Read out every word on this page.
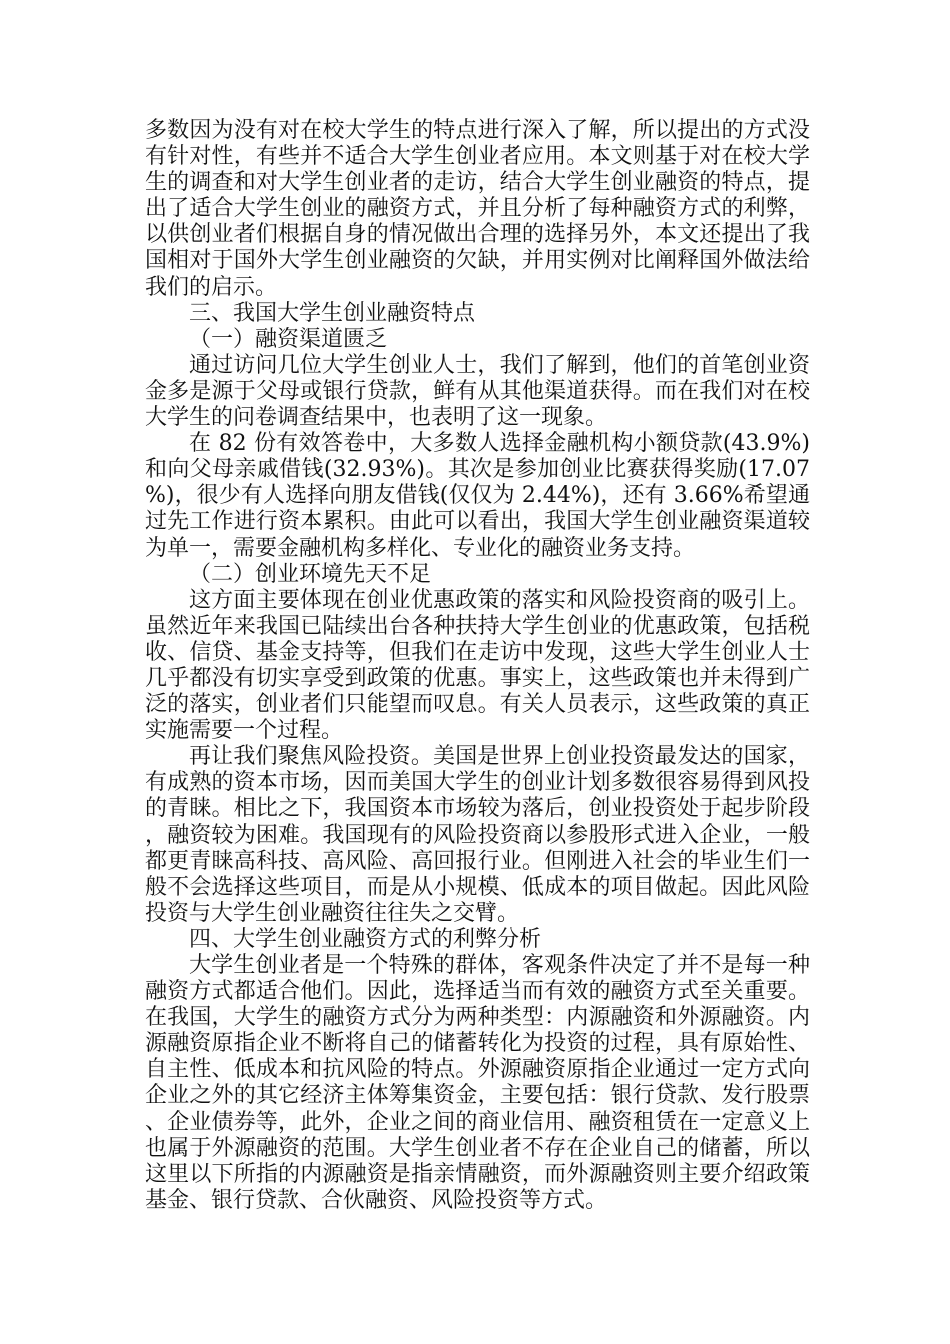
多数因为没有对在校大学生的特点进行深入了解，所以提出的方式没有针对性，有些并不适合大学生创业者应用。本文则基于对在校大学生的调查和对大学生创业者的走访，结合大学生创业融资的特点，提出了适合大学生创业的融资方式，并且分析了每种融资方式的利弊，以供创业者们根据自身的情况做出合理的选择另外，本文还提出了我国相对于国外大学生创业融资的欠缺，并用实例对比阐释国外做法给我们的启示。

三、我国大学生创业融资特点
（一）融资渠道匮乏

通过访问几位大学生创业人士，我们了解到，他们的首笔创业资金多是源于父母或银行贷款，鲜有从其他渠道获得。而在我们对在校大学生的问卷调查结果中，也表明了这一现象。

在 82 份有效答卷中，大多数人选择金融机构小额贷款(43.9%)和向父母亲戚借钱(32.93%)。其次是参加创业比赛获得奖励(17.07%)，很少有人选择向朋友借钱(仅仅为 2.44%)，还有 3.66%希望通过先工作进行资本累积。由此可以看出，我国大学生创业融资渠道较为单一，需要金融机构多样化、专业化的融资业务支持。

（二）创业环境先天不足

这方面主要体现在创业优惠政策的落实和风险投资商的吸引上。虽然近年来我国已陆续出台各种扶持大学生创业的优惠政策，包括税收、信贷、基金支持等，但我们在走访中发现，这些大学生创业人士几乎都没有切实享受到政策的优惠。事实上，这些政策也并未得到广泛的落实，创业者们只能望而叹息。有关人员表示，这些政策的真正实施需要一个过程。

再让我们聚焦风险投资。美国是世界上创业投资最发达的国家，有成熟的资本市场，因而美国大学生的创业计划多数很容易得到风投的青睐。相比之下，我国资本市场较为落后，创业投资处于起步阶段，融资较为困难。我国现有的风险投资商以参股形式进入企业，一般都更青睐高科技、高风险、高回报行业。但刚进入社会的毕业生们一般不会选择这些项目，而是从小规模、低成本的项目做起。因此风险投资与大学生创业融资往往失之交臂。

四、大学生创业融资方式的利弊分析

大学生创业者是一个特殊的群体，客观条件决定了并不是每一种融资方式都适合他们。因此，选择适当而有效的融资方式至关重要。在我国，大学生的融资方式分为两种类型：内源融资和外源融资。内源融资原指企业不断将自己的储蓄转化为投资的过程，具有原始性、自主性、低成本和抗风险的特点。外源融资原指企业通过一定方式向企业之外的其它经济主体筹集资金，主要包括：银行贷款、发行股票、企业债券等，此外，企业之间的商业信用、融资租赁在一定意义上也属于外源融资的范围。大学生创业者不存在企业自己的储蓄，所以这里以下所指的内源融资是指亲情融资，而外源融资则主要介绍政策基金、银行贷款、合伙融资、风险投资等方式。
